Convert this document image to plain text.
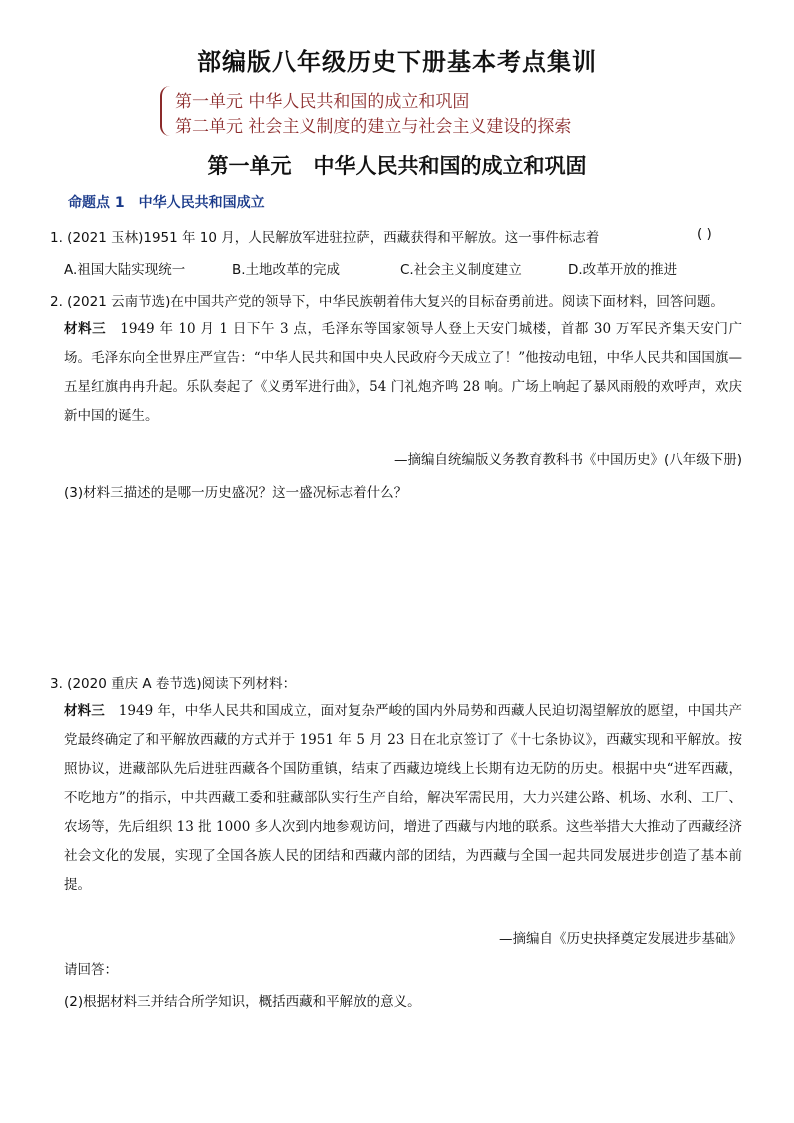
部编版八年级历史下册基本考点集训
第一单元 中华人民共和国的成立和巩固
第二单元 社会主义制度的建立与社会主义建设的探索
第一单元 中华人民共和国的成立和巩固
命题点 1 中华人民共和国成立
1. (2021 玉林)1951 年 10 月，人民解放军进驻拉萨，西藏获得和平解放。这一事件标志着	( )
A.祖国大陆实现统一	B.土地改革的完成	C.社会主义制度建立	D.改革开放的推进
2. (2021 云南节选)在中国共产党的领导下，中华民族朝着伟大复兴的目标奋勇前进。阅读下面材料，回答问题。
材料三 1949 年 10 月 1 日下午 3 点，毛泽东等国家领导人登上天安门城楼，首都 30 万军民齐集天安门广场。毛泽东向全世界庄严宣告：“中华人民共和国中央人民政府今天成立了！”他按动电钮，中华人民共和国国旗—五星红旗冉冉升起。乐队奏起了《义勇军进行曲》，54 门礼炮齐鸣 28 响。广场上响起了暴风雨般的欢呼声，欢庆新中国的诞生。
—摘编自统编版义务教育教科书《中国历史》(八年级下册)
(3)材料三描述的是哪一历史盛况？这一盛况标志着什么？
3. (2020 重庆 A 卷节选)阅读下列材料：
材料三 1949 年，中华人民共和国成立，面对复杂严峻的国内外局势和西藏人民迫切渴望解放的愿望，中国共产党最终确定了和平解放西藏的方式并于 1951 年 5 月 23 日在北京签订了《十七条协议》，西藏实现和平解放。按照协议，进藏部队先后进驻西藏各个国防重镇，结束了西藏边境线上长期有边无防的历史。根据中央“进军西藏，不吃地方”的指示，中共西藏工委和驻藏部队实行生产自给，解决军需民用，大力兴建公路、机场、水利、工厂、农场等，先后组织 13 批 1000 多人次到内地参观访问，增进了西藏与内地的联系。这些举措大大推动了西藏经济社会文化的发展，实现了全国各族人民的团结和西藏内部的团结，为西藏与全国一起共同发展进步创造了基本前提。
—摘编自《历史抉择奠定发展进步基础》
请回答：
(2)根据材料三并结合所学知识，概括西藏和平解放的意义。
